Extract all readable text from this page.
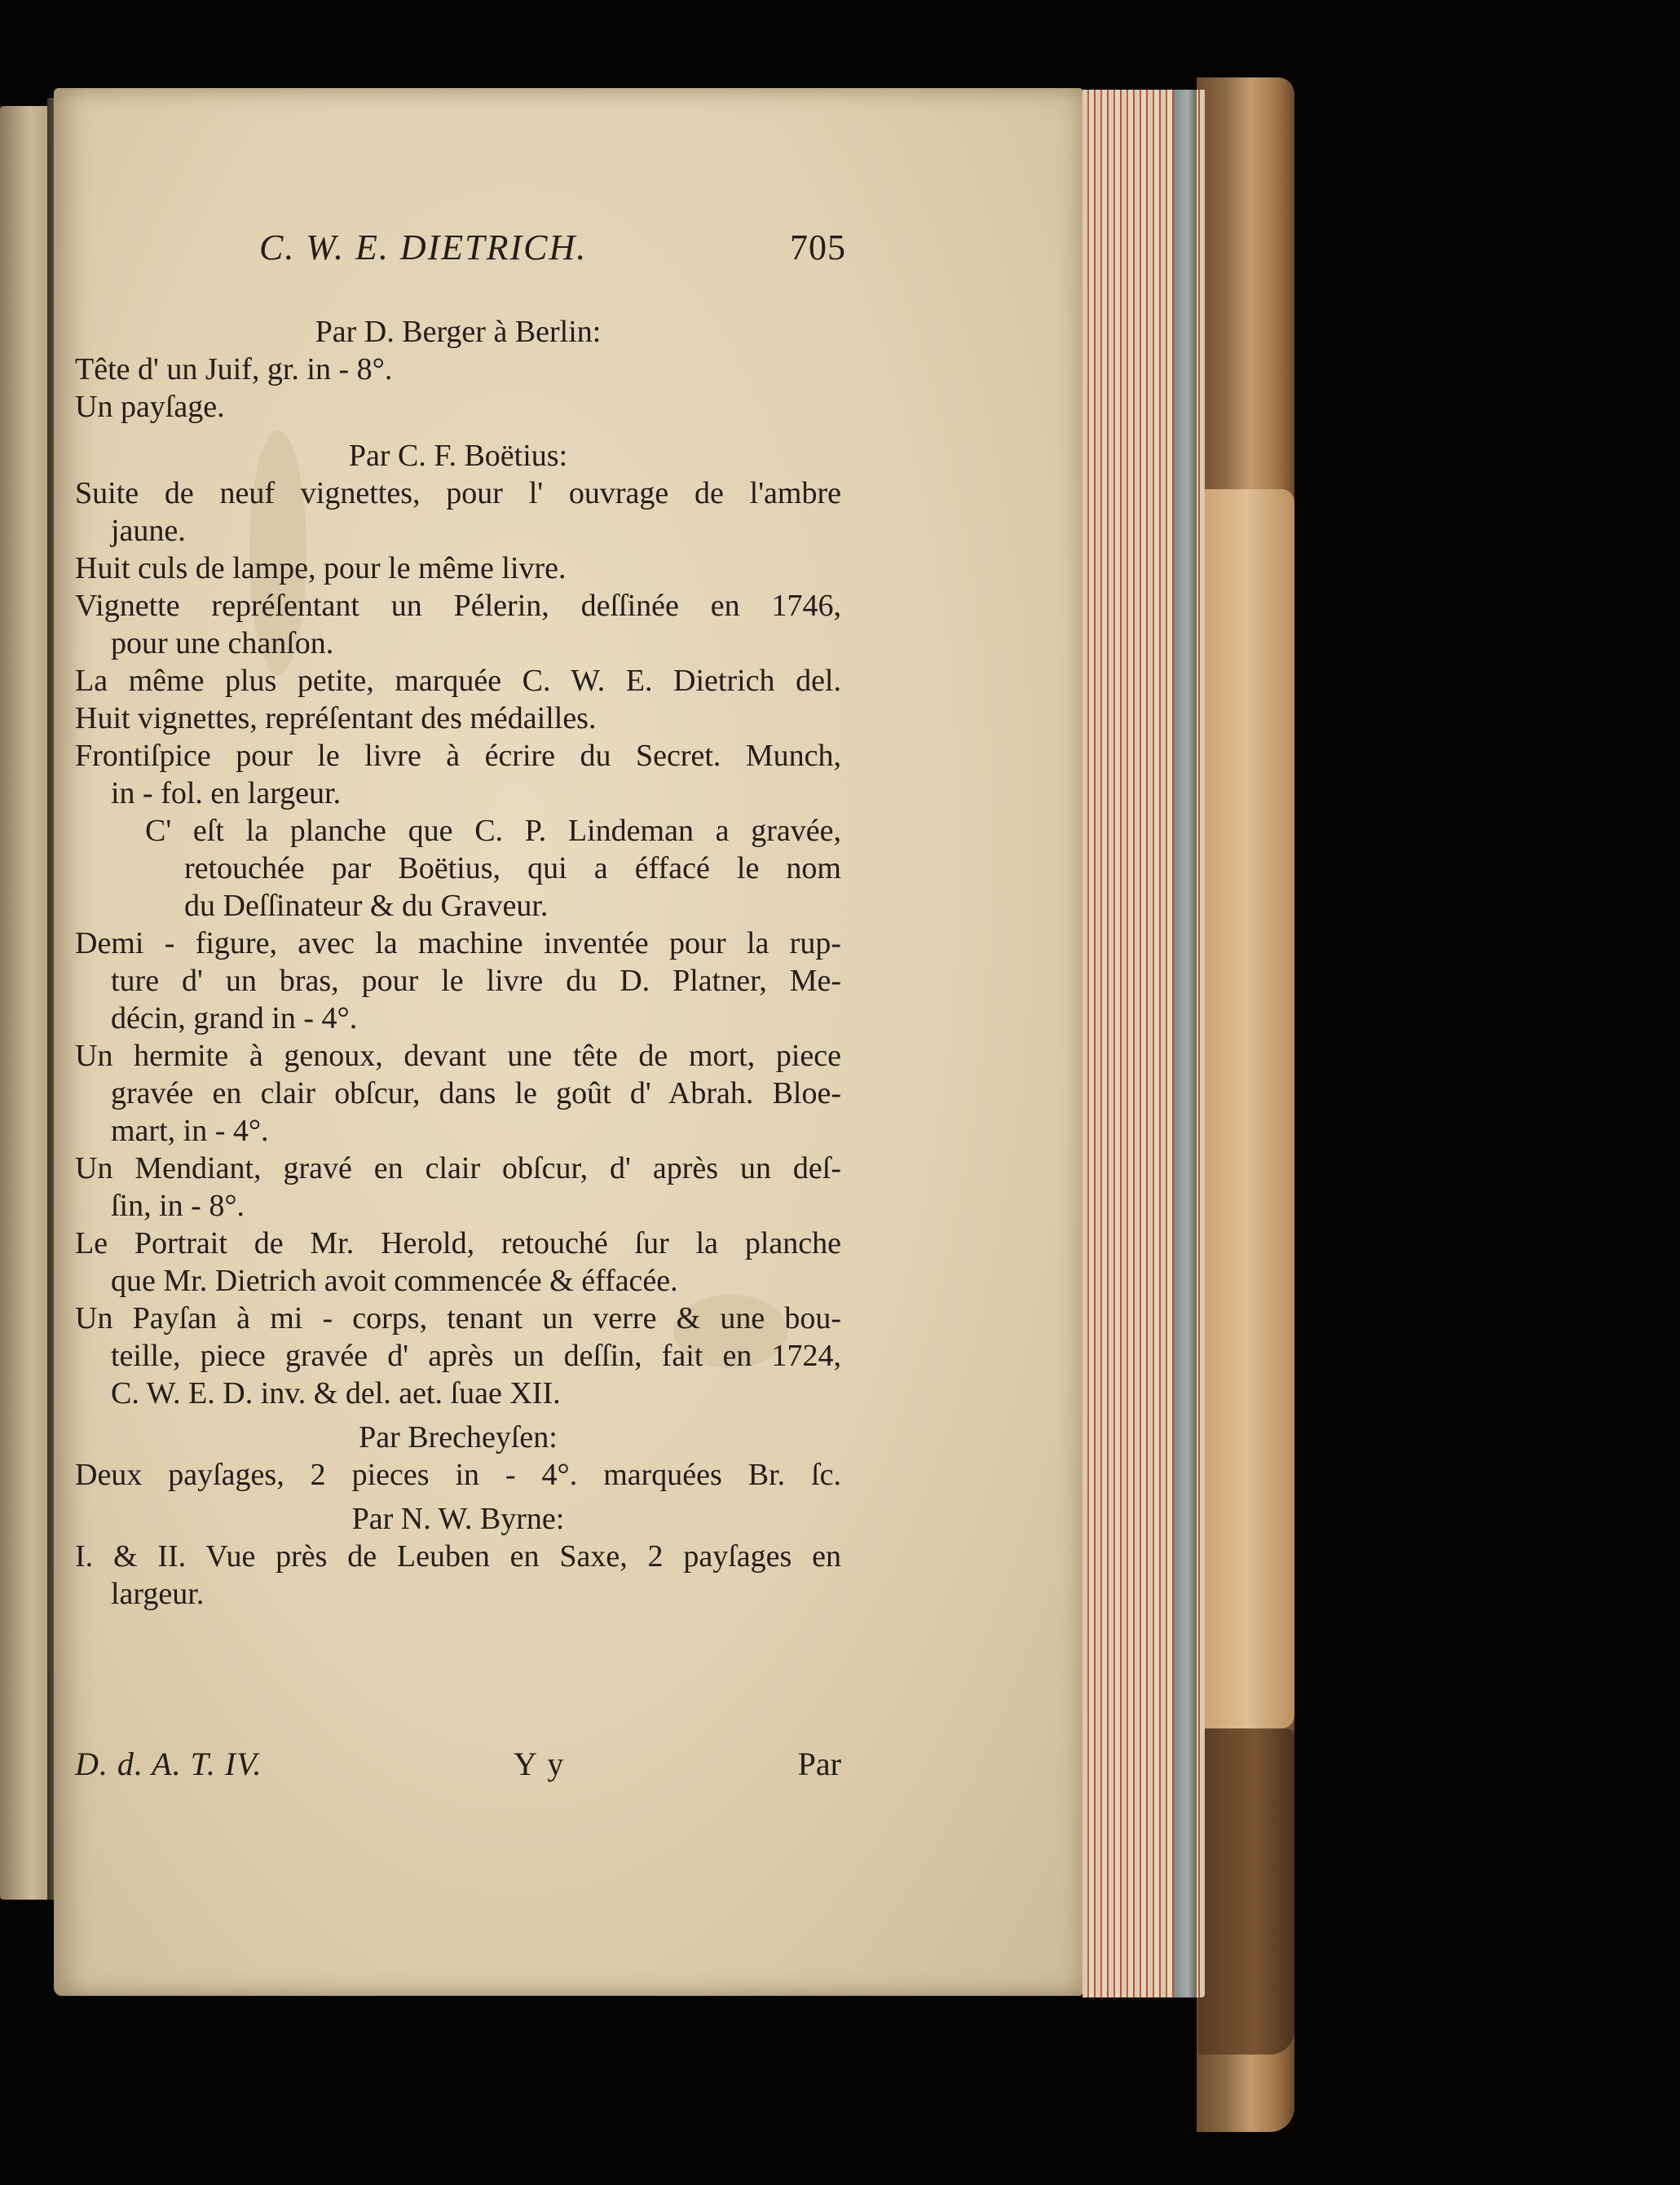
C. W. E. DIETRICH.	705
Par D. Berger à Berlin:
Tête d' un Juif, gr. in - 8°.
Un payſage.
Par C. F. Boëtius:
Suite de neuf vignettes, pour l' ouvrage de l'ambre
jaune.
Huit culs de lampe, pour le même livre.
Vignette repréſentant un Pélerin, deſſinée en 1746,
pour une chanſon.
La même plus petite, marquée C. W. E. Dietrich del.
Huit vignettes, repréſentant des médailles.
Frontiſpice pour le livre à écrire du Secret. Munch,
in - fol. en largeur.
C' eſt la planche que C. P. Lindeman a gravée,
retouchée par Boëtius, qui a éffacé le nom
du Deſſinateur & du Graveur.
Demi - figure, avec la machine inventée pour la rup-
ture d' un bras, pour le livre du D. Platner, Me-
décin, grand in - 4°.
Un hermite à genoux, devant une tête de mort, piece
gravée en clair obſcur, dans le goût d' Abrah. Bloe-
mart, in - 4°.
Un Mendiant, gravé en clair obſcur, d' après un deſ-
ſin, in - 8°.
Le Portrait de Mr. Herold, retouché ſur la planche
que Mr. Dietrich avoit commencée & éffacée.
Un Payſan à mi - corps, tenant un verre & une bou-
teille, piece gravée d' après un deſſin, fait en 1724,
C. W. E. D. inv. & del. aet. ſuae XII.
Par Brecheyſen:
Deux payſages, 2 pieces in - 4°. marquées Br. ſc.
Par N. W. Byrne:
I. & II. Vue près de Leuben en Saxe, 2 payſages en
largeur.
D. d. A. T. IV.	Y y	Par
